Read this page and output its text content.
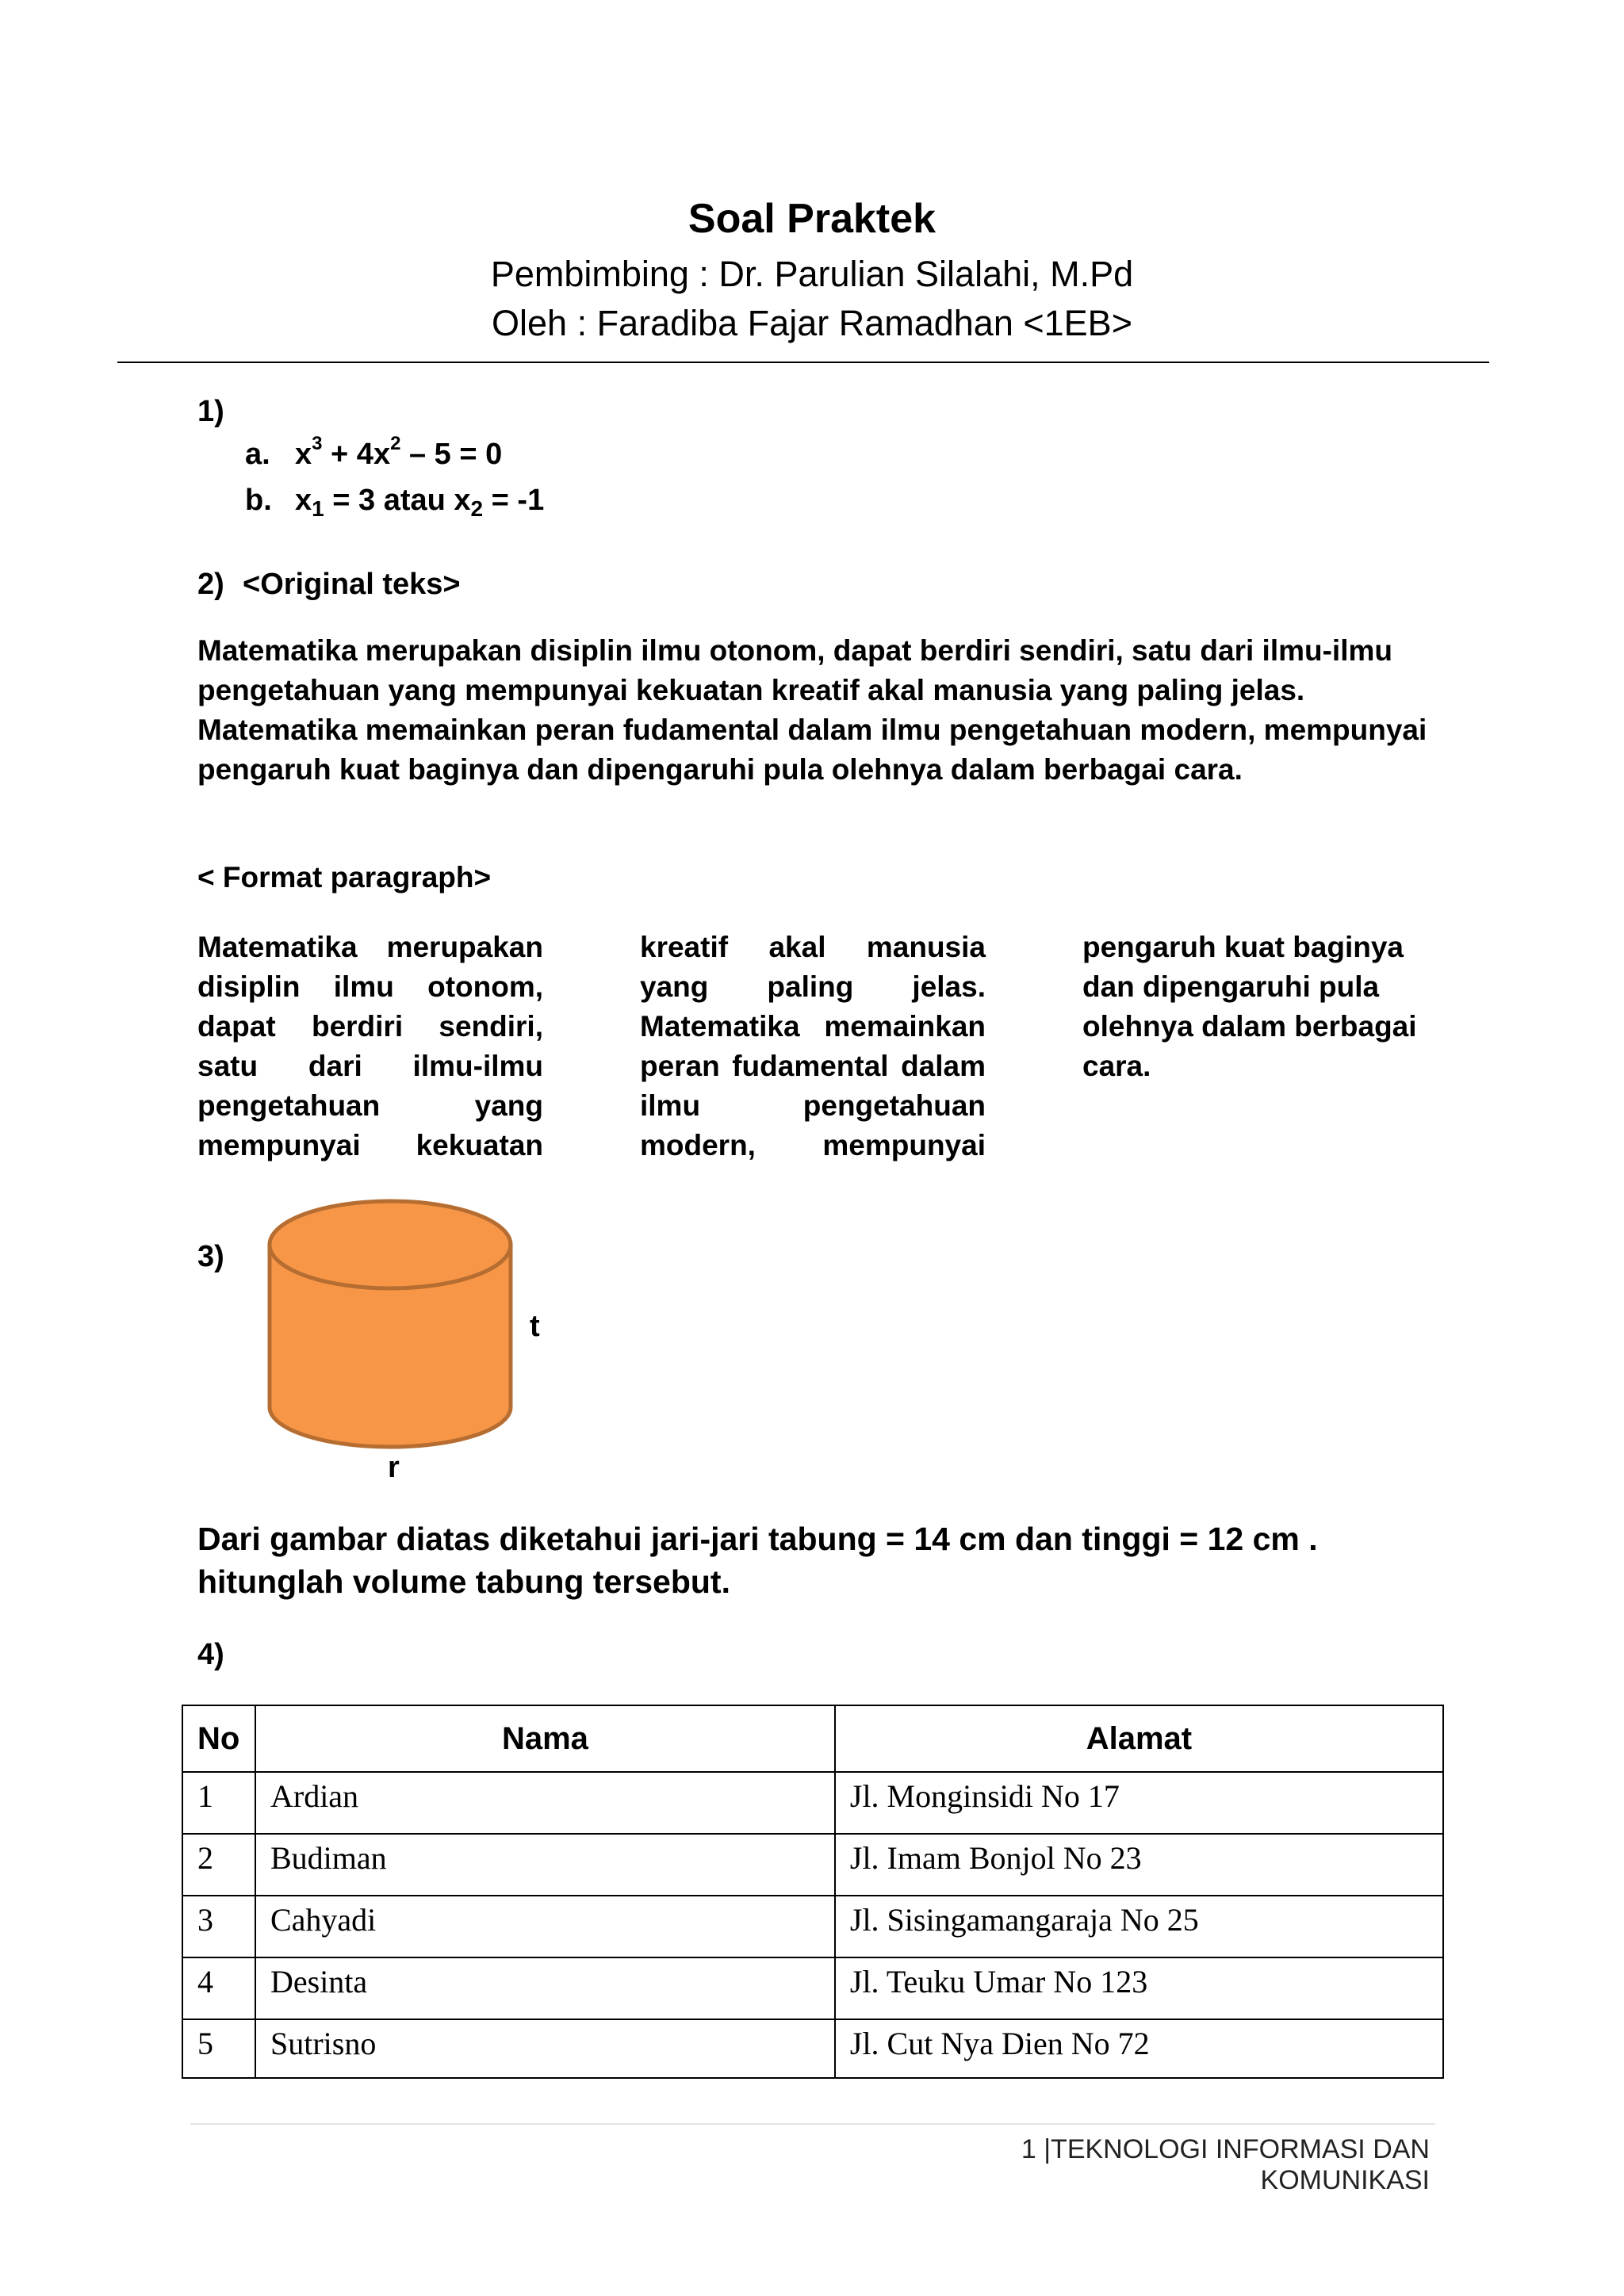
Soal Praktek
Pembimbing : Dr. Parulian Silalahi, M.Pd
Oleh : Faradiba Fajar Ramadhan <1EB>
1)
a. $x^3 + 4x^2 - 5 = 0$
b. $x_1 = 3$ atau $x_2 = -1$
2) <Original teks>
Matematika merupakan disiplin ilmu otonom, dapat berdiri sendiri, satu dari ilmu-ilmu pengetahuan yang mempunyai kekuatan kreatif akal manusia yang paling jelas. Matematika memainkan peran fudamental dalam ilmu pengetahuan modern, mempunyai pengaruh kuat baginya dan dipengaruhi pula olehnya dalam berbagai cara.
< Format paragraph>
Matematika merupakan
disiplin ilmu otonom,
dapat berdiri sendiri,
satu dari ilmu-ilmu
pengetahuan yang
mempunyai kekuatan
kreatif akal manusia
yang paling jelas.
Matematika memainkan
peran fudamental dalam
ilmu pengetahuan
modern, mempunyai
pengaruh kuat baginya
dan dipengaruhi pula
olehnya dalam berbagai
cara.
3)
t
r
Dari gambar diatas diketahui jari-jari tabung = 14 cm dan tinggi = 12 cm .
hitunglah volume tabung tersebut.
4)
No	Nama	Alamat
1	Ardian	Jl. Monginsidi No 17
2	Budiman	Jl. Imam Bonjol No 23
3	Cahyadi	Jl. Sisingamangaraja No 25
4	Desinta	Jl. Teuku Umar No 123
5	Sutrisno	Jl. Cut Nya Dien No 72
1 |TEKNOLOGI INFORMASI DAN KOMUNIKASI
